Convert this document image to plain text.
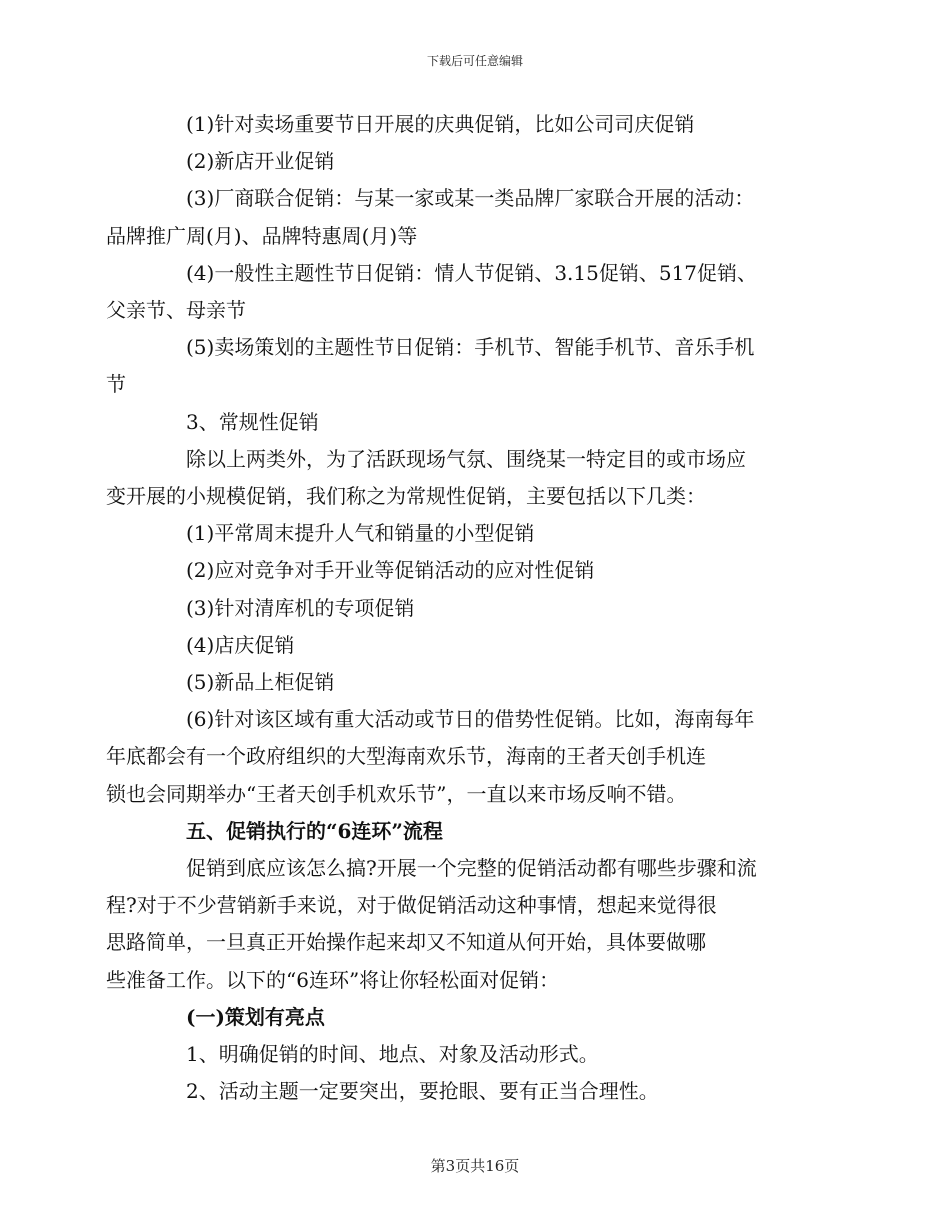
下载后可任意编辑
(1)针对卖场重要节日开展的庆典促销，比如公司司庆促销
(2)新店开业促销
(3)厂商联合促销：与某一家或某一类品牌厂家联合开展的活动：
品牌推广周(月)、品牌特惠周(月)等
(4)一般性主题性节日促销：情人节促销、3.15促销、517促销、
父亲节、母亲节
(5)卖场策划的主题性节日促销：手机节、智能手机节、音乐手机
节
3、常规性促销
除以上两类外，为了活跃现场气氛、围绕某一特定目的或市场应
变开展的小规模促销，我们称之为常规性促销，主要包括以下几类：
(1)平常周末提升人气和销量的小型促销
(2)应对竞争对手开业等促销活动的应对性促销
(3)针对清库机的专项促销
(4)店庆促销
(5)新品上柜促销
(6)针对该区域有重大活动或节日的借势性促销。比如，海南每年
年底都会有一个政府组织的大型海南欢乐节，海南的王者天创手机连
锁也会同期举办“王者天创手机欢乐节”，一直以来市场反响不错。
五、促销执行的“6连环”流程
促销到底应该怎么搞?开展一个完整的促销活动都有哪些步骤和流
程?对于不少营销新手来说，对于做促销活动这种事情，想起来觉得很
思路简单，一旦真正开始操作起来却又不知道从何开始，具体要做哪
些准备工作。以下的“6连环”将让你轻松面对促销：
(一)策划有亮点
1、明确促销的时间、地点、对象及活动形式。
2、活动主题一定要突出，要抢眼、要有正当合理性。
第3页共16页
